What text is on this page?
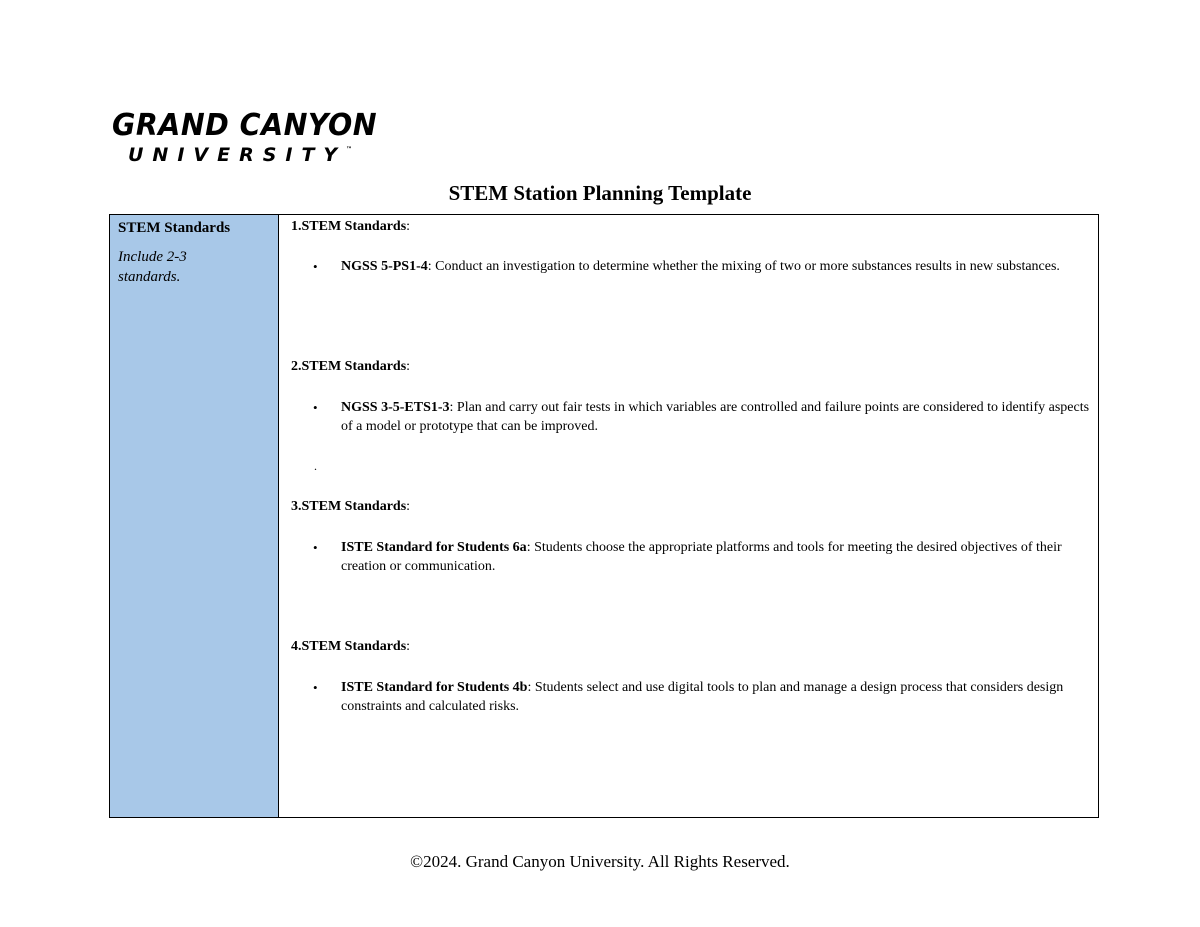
GRAND CANYON
UNIVERSITY ™
STEM Station Planning Template
STEM Standards
Include 2-3 standards.
1.STEM Standards:
• NGSS 5-PS1-4: Conduct an investigation to determine whether the mixing of two or more substances results in new substances.
2.STEM Standards:
• NGSS 3-5-ETS1-3: Plan and carry out fair tests in which variables are controlled and failure points are considered to identify aspects of a model or prototype that can be improved.
.
3.STEM Standards:
• ISTE Standard for Students 6a: Students choose the appropriate platforms and tools for meeting the desired objectives of their creation or communication.
4.STEM Standards:
• ISTE Standard for Students 4b: Students select and use digital tools to plan and manage a design process that considers design constraints and calculated risks.
©2024. Grand Canyon University. All Rights Reserved.
